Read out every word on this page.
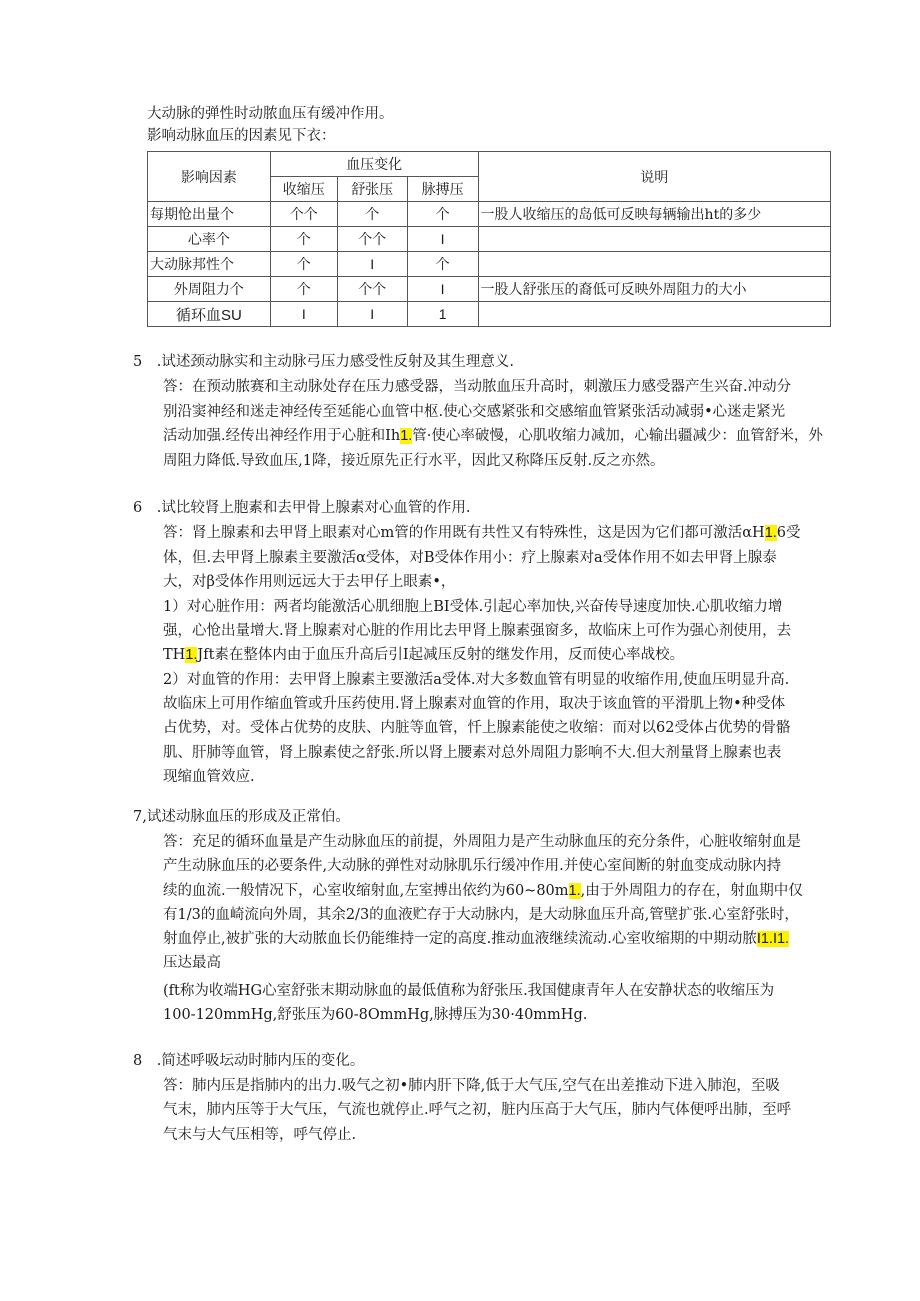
大动脉的弹性时动脓血压有缓冲作用。
影响动脉血压的因素见下衣：
影响因素	血压变化			说明
	收缩压	舒张压	脉搏压	
每期怆出量个	个个	个	个	一股人收缩压的岛低可反映每辆输出ht的多少
心率个	个	个个	I	
大动脉邦性个	个	I	个	
外周阻力个	个	个个	I	一股人舒张压的裔低可反映外周阻力的大小
循环血SU	I	I	1	
5　.试述颈动脉实和主动脉弓压力感受性反射及其生理意义.
答：在预动脓赛和主动脉处存在压力感受器，当动脓血压升高时，刺激压力感受器产生兴奋.冲动分
别沿窦神经和迷走神经传至延能心血管中枢.使心交感紧张和交感缩血管紧张活动减弱•心迷走紧光
活动加强.经传出神经作用于心脏和Ih1.管·使心率破慢，心肌收缩力减加，心输出疆减少：血管舒米，外
周阻力降低.导致血压,1降，接近原先正行水平，因此又称降压反射.反之亦然。
6　.试比较肾上胞素和去甲骨上腺素对心血管的作用.
答：肾上腺素和去甲肾上眼素对心m管的作用既有共性又有特殊性，这是因为它们都可激活αH1.6受
体，但.去甲肾上腺素主要激活α受体，对B受体作用小：疗上腺素对a受体作用不如去甲肾上腺泰
大，对β受体作用则远远大于去甲仔上眼素•，
1）对心脏作用：两者均能激活心肌细胞上BI受体.引起心率加快,兴奋传导速度加快.心肌收缩力增
强，心怆出量增大.肾上腺素对心脏的作用比去甲肾上腺素强窗多，故临床上可作为强心剂使用，去
TH1.Jft素在整体内由于血压升高后引I起减压反射的继发作用，反而使心率战校。
2）对血管的作用：去甲肾上腺素主要激活a受体.对大多数血管有明显的收缩作用,使血压明显升高.
故临床上可用作缩血管或升压药使用.肾上腺素对血管的作用，取决于该血管的平滑肌上物•种受体
占优势，对。受体占优势的皮肤、内脏等血管，忏上腺素能使之收缩：而对以62受体占优势的骨骼
肌、肝肺等血管，肾上腺素使之舒张.所以肾上腰素对总外周阻力影响不大.但大剂量肾上腺素也表
现缩血管效应.
7,试述动脉血压的形成及正常伯。
答：充足的循环血量是产生动脉血压的前提，外周阻力是产生动脉血压的充分条件，心脏收缩射血是
产生动脉血压的必要条件,大动脉的弹性对动脉肌乐行缓冲作用.并使心室间断的射血变成动脉内持
续的血流.一般情况下，心室收缩射血,左室搏出依约为60~80m1.,由于外周阻力的存在，射血期中仅
有1/3的血崎流向外周，其余2/3的血液贮存于大动脉内，是大动脉血压升高,管壁扩张.心室舒张时，
射血停止,被扩张的大动脓血长仍能维持一定的高度.推动血液继续流动.心室收缩期的中期动脓I1.I1.
压达最高
(ft称为收端HG心室舒张末期动脉血的最低值称为舒张压.我国健康青年人在安静状态的收缩压为
100-120mmHg,舒张压为60-8OmmHg,脉搏压为30·40mmHg.
8　.简述呼吸坛动时肺内压的变化。
答：肺内压是指肺内的出力.吸气之初•肺内肝下降,低于大气压,空气在出差推动下进入肺泡，至吸
气末，肺内压等于大气压，气流也就停止.呼气之初，脏内压高于大气压，肺内气体便呼出肺，至呼
气末与大气压相等，呼气停止.
